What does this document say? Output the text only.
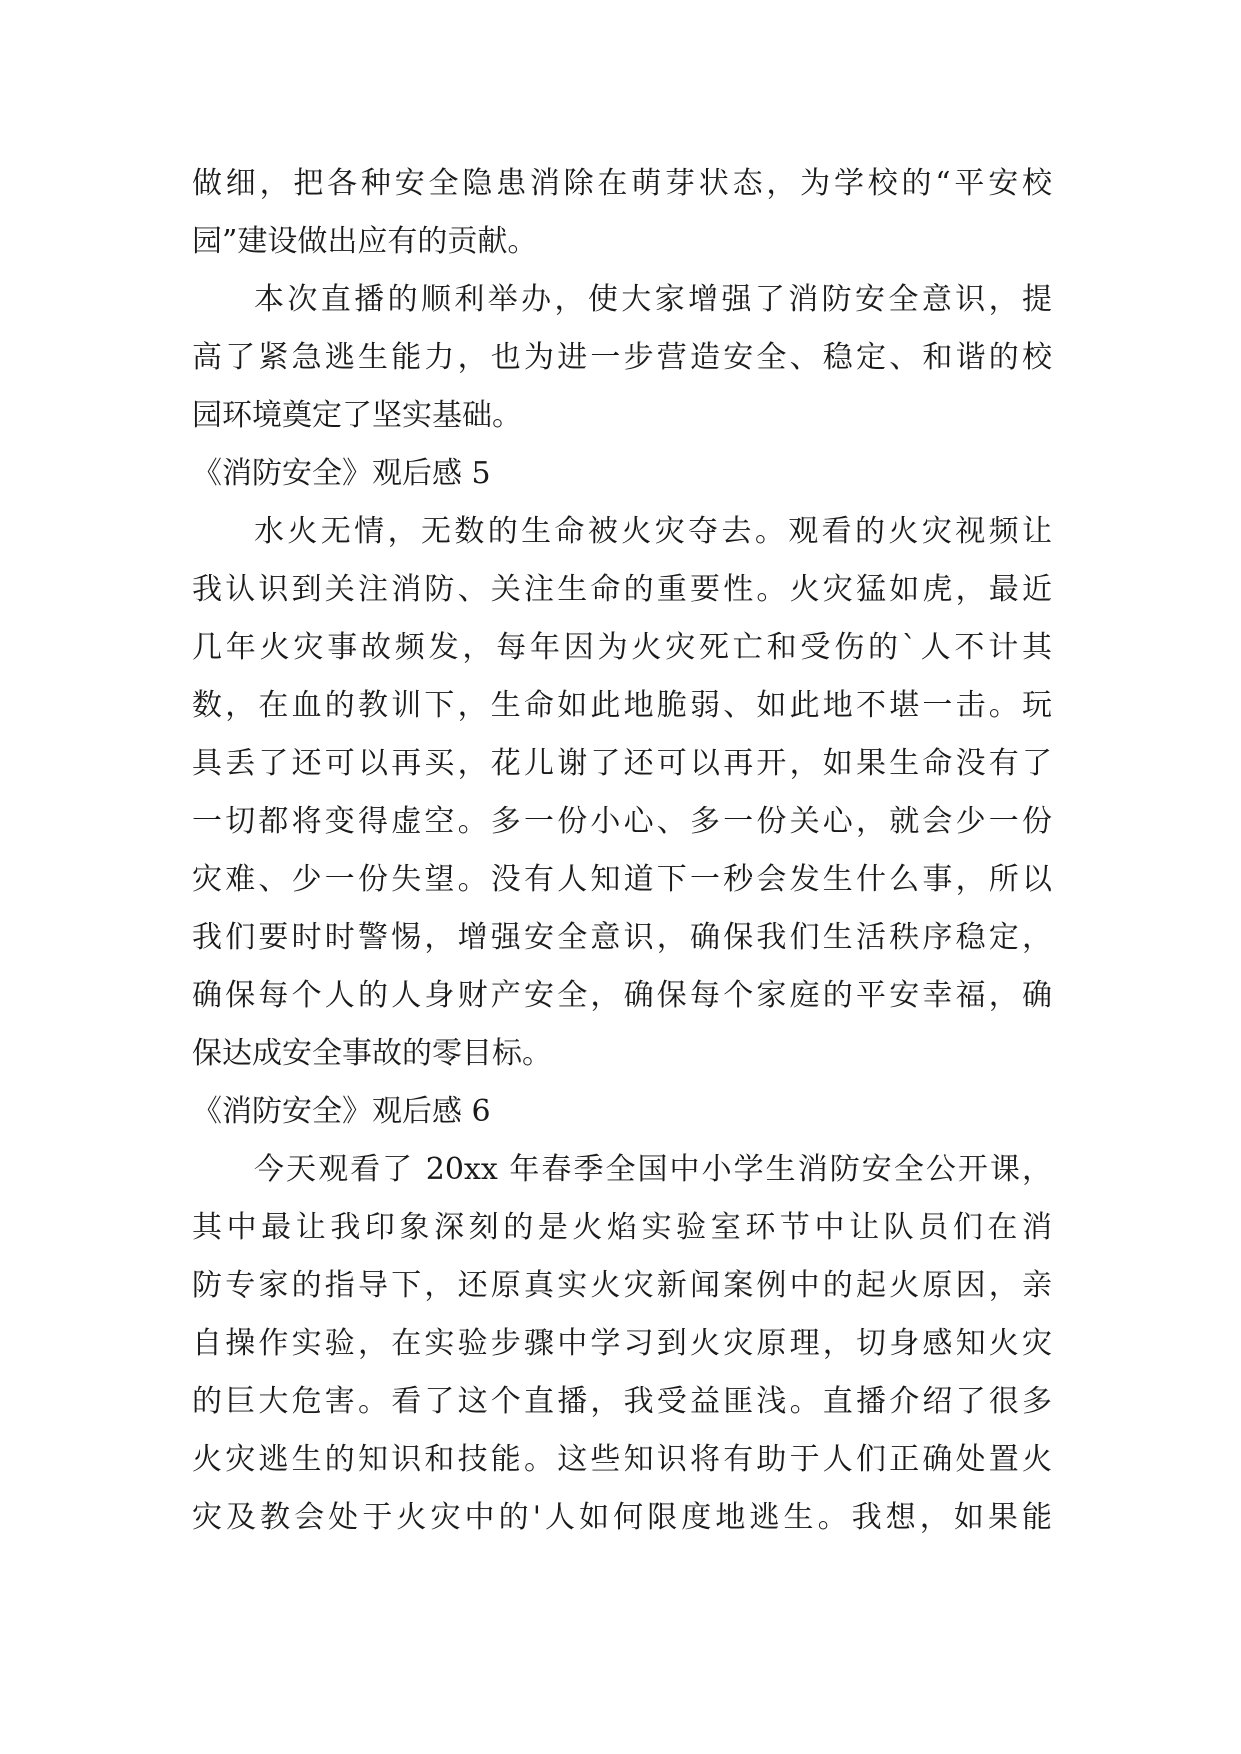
做细，把各种安全隐患消除在萌芽状态，为学校的“平安校
园”建设做出应有的贡献。
本次直播的顺利举办，使大家增强了消防安全意识，提
高了紧急逃生能力，也为进一步营造安全、稳定、和谐的校
园环境奠定了坚实基础。
《消防安全》观后感 5
水火无情，无数的生命被火灾夺去。观看的火灾视频让
我认识到关注消防、关注生命的重要性。火灾猛如虎，最近
几年火灾事故频发，每年因为火灾死亡和受伤的`人不计其
数，在血的教训下，生命如此地脆弱、如此地不堪一击。玩
具丢了还可以再买，花儿谢了还可以再开，如果生命没有了
一切都将变得虚空。多一份小心、多一份关心，就会少一份
灾难、少一份失望。没有人知道下一秒会发生什么事，所以
我们要时时警惕，增强安全意识，确保我们生活秩序稳定，
确保每个人的人身财产安全，确保每个家庭的平安幸福，确
保达成安全事故的零目标。
《消防安全》观后感 6
今天观看了 20xx 年春季全国中小学生消防安全公开课，
其中最让我印象深刻的是火焰实验室环节中让队员们在消
防专家的指导下，还原真实火灾新闻案例中的起火原因，亲
自操作实验，在实验步骤中学习到火灾原理，切身感知火灾
的巨大危害。看了这个直播，我受益匪浅。直播介绍了很多
火灾逃生的知识和技能。这些知识将有助于人们正确处置火
灾及教会处于火灾中的'人如何限度地逃生。我想，如果能
